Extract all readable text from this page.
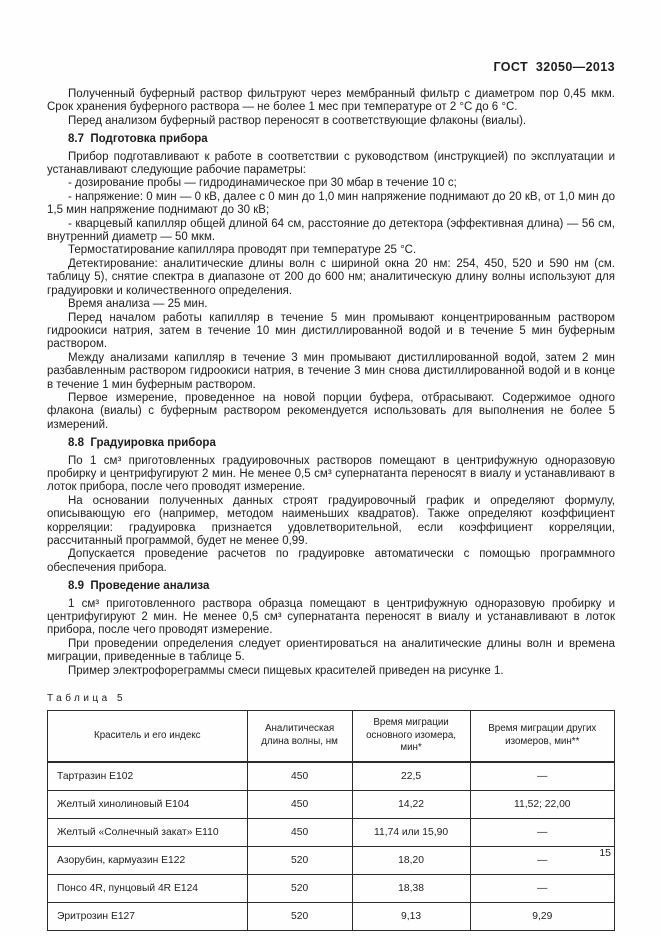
ГОСТ 32050—2013

Полученный буферный раствор фильтруют через мембранный фильтр с диаметром пор 0,45 мкм. Срок хранения буферного раствора — не более 1 мес при температуре от 2 °С до 6 °С.

Перед анализом буферный раствор переносят в соответствующие флаконы (виалы).

8.7  Подготовка прибора

Прибор подготавливают к работе в соответствии с руководством (инструкцией) по эксплуатации и устанавливают следующие рабочие параметры:

- дозирование пробы — гидродинамическое при 30 мбар в течение 10 с;

- напряжение: 0 мин — 0 кВ, далее с 0 мин до 1,0 мин напряжение поднимают до 20 кВ, от 1,0 мин до 1,5 мин напряжение поднимают до 30 кВ;

- кварцевый капилляр общей длиной 64 см, расстояние до детектора (эффективная длина) — 56 см, внутренний диаметр — 50 мкм.

Термостатирование капилляра проводят при температуре 25 °С.

Детектирование: аналитические длины волн с шириной окна 20 нм: 254, 450, 520 и 590 нм (см. таблицу 5), снятие спектра в диапазоне от 200 до 600 нм; аналитическую длину волны используют для градуировки и количественного определения.

Время анализа — 25 мин.

Перед началом работы капилляр в течение 5 мин промывают концентрированным раствором гидроокиси натрия, затем в течение 10 мин дистиллированной водой и в течение 5 мин буферным раствором.

Между анализами капилляр в течение 3 мин промывают дистиллированной водой, затем 2 мин разбавленным раствором гидроокиси натрия, в течение 3 мин снова дистиллированной водой и в конце в течение 1 мин буферным раствором.

Первое измерение, проведенное на новой порции буфера, отбрасывают. Содержимое одного флакона (виалы) с буферным раствором рекомендуется использовать для выполнения не более 5 измерений.

8.8  Градуировка прибора

По 1 см³ приготовленных градуировочных растворов помещают в центрифужную одноразовую пробирку и центрифугируют 2 мин. Не менее 0,5 см³ супернатанта переносят в виалу и устанавливают в лоток прибора, после чего проводят измерение.

На основании полученных данных строят градуировочный график и определяют формулу, описывающую его (например, методом наименьших квадратов). Также определяют коэффициент корреляции: градуировка признается удовлетворительной, если коэффициент корреляции, рассчитанный программой, будет не менее 0,99.

Допускается проведение расчетов по градуировке автоматически с помощью программного обеспечения прибора.

8.9  Проведение анализа

1 см³ приготовленного раствора образца помещают в центрифужную одноразовую пробирку и центрифугируют 2 мин. Не менее 0,5 см³ супернатанта переносят в виалу и устанавливают в лоток прибора, после чего проводят измерение.

При проведении определения следует ориентироваться на аналитические длины волн и времена миграции, приведенные в таблице 5.

Пример электрофореграммы смеси пищевых красителей приведен на рисунке 1.

Таблица 5
Краситель и его индекс	Аналитическая длина волны, нм	Время миграции основного изомера, мин*	Время миграции других изомеров, мин**
Тартразин Е102	450	22,5	—
Желтый хинолиновый Е104	450	14,22	11,52; 22,00
Желтый «Солнечный закат» Е110	450	11,74 или 15,90	—
Азорубин, кармуазин Е122	520	18,20	—
Понсо 4R, пунцовый 4R Е124	520	18,38	—
Эритрозин Е127	520	9,13	9,29
15
